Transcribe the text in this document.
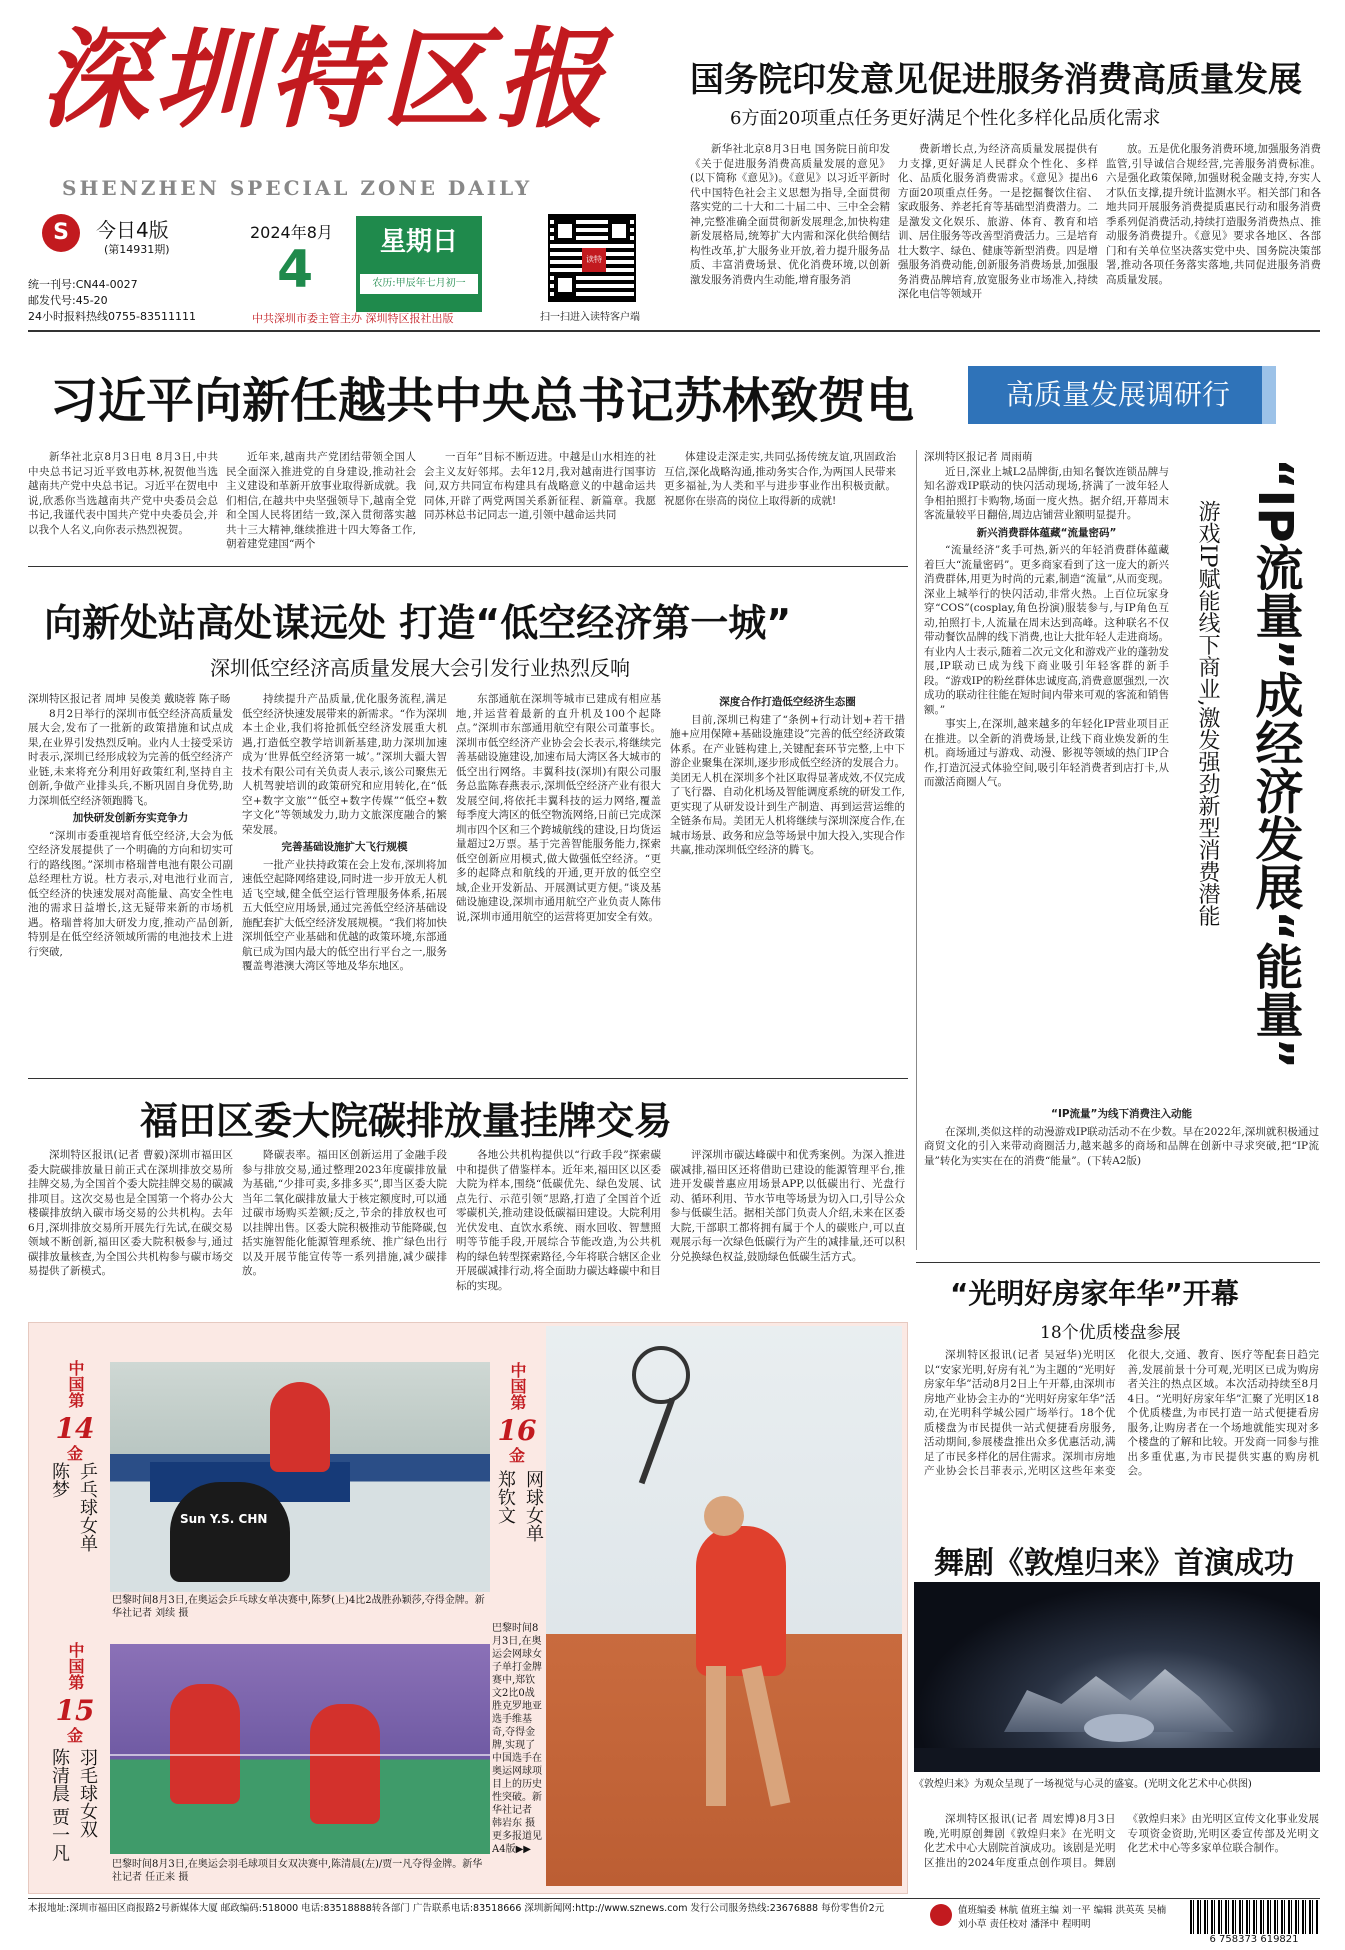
深圳特区报
SHENZHEN SPECIAL ZONE DAILY
S	今日4版
(第14931期)
统一刊号:CN44-0027
邮发代号:45-20
24小时报料热线0755-83511111
2024年8月
4	星期日
农历:甲辰年七月初一
中共深圳市委主管主办 深圳特区报社出版
读特
扫一扫进入读特客户端
国务院印发意见促进服务消费高质量发展
6方面20项重点任务更好满足个性化多样化品质化需求

新华社北京8月3日电 国务院日前印发《关于促进服务消费高质量发展的意见》(以下简称《意见》)。《意见》以习近平新时代中国特色社会主义思想为指导,全面贯彻落实党的二十大和二十届二中、三中全会精神,完整准确全面贯彻新发展理念,加快构建新发展格局,统筹扩大内需和深化供给侧结构性改革,扩大服务业开放,着力提升服务品质、丰富消费场景、优化消费环境,以创新激发服务消费内生动能,增育服务消

费新增长点,为经济高质量发展提供有力支撑,更好满足人民群众个性化、多样化、品质化服务消费需求。《意见》提出6方面20项重点任务。一是挖掘餐饮住宿、家政服务、养老托育等基础型消费潜力。二是激发文化娱乐、旅游、体育、教育和培训、居住服务等改善型消费活力。三是培育壮大数字、绿色、健康等新型消费。四是增强服务消费动能,创新服务消费场景,加强服务消费品牌培育,放宽服务业市场准入,持续深化电信等领域开

放。五是优化服务消费环境,加强服务消费监管,引导诚信合规经营,完善服务消费标准。六是强化政策保障,加强财税金融支持,夯实人才队伍支撑,提升统计监测水平。相关部门和各地共同开展服务消费提质惠民行动和服务消费季系列促消费活动,持续打造服务消费热点、推动服务消费提升。《意见》要求各地区、各部门和有关单位坚决落实党中央、国务院决策部署,推动各项任务落实落地,共同促进服务消费高质量发展。

习近平向新任越共中央总书记苏林致贺电

新华社北京8月3日电 8月3日,中共中央总书记习近平致电苏林,祝贺他当选越南共产党中央总书记。习近平在贺电中说,欣悉你当选越南共产党中央委员会总书记,我谨代表中国共产党中央委员会,并以我个人名义,向你表示热烈祝贺。

近年来,越南共产党团结带领全国人民全面深入推进党的自身建设,推动社会主义建设和革新开放事业取得新成就。我们相信,在越共中央坚强领导下,越南全党和全国人民将团结一致,深入贯彻落实越共十三大精神,继续推进十四大筹备工作,朝着建党建国“两个

一百年”目标不断迈进。中越是山水相连的社会主义友好邻邦。去年12月,我对越南进行国事访问,双方共同宣布构建具有战略意义的中越命运共同体,开辟了两党两国关系新征程、新篇章。我愿同苏林总书记同志一道,引领中越命运共同

体建设走深走实,共同弘扬传统友谊,巩固政治互信,深化战略沟通,推动务实合作,为两国人民带来更多福祉,为人类和平与进步事业作出积极贡献。祝愿你在崇高的岗位上取得新的成就!

高质量发展调研行
向新处站高处谋远处 打造“低空经济第一城”
深圳低空经济高质量发展大会引发行业热烈反响

深圳特区报记者 周坤 吴俊美 戴晓蓉 陈子旸

8月2日举行的深圳市低空经济高质量发展大会,发布了一批新的政策措施和试点成果,在业界引发热烈反响。业内人士接受采访时表示,深圳已经形成较为完善的低空经济产业链,未来将充分利用好政策红利,坚持自主创新,争做产业排头兵,不断巩固自身优势,助力深圳低空经济领跑腾飞。

加快研发创新夯实竞争力

“深圳市委重视培育低空经济,大会为低空经济发展提供了一个明确的方向和切实可行的路线图。”深圳市格瑞普电池有限公司副总经理杜方说。杜方表示,对电池行业而言,低空经济的快速发展对高能量、高安全性电池的需求日益增长,这无疑带来新的市场机遇。格瑞普将加大研发力度,推动产品创新,特别是在低空经济领域所需的电池技术上进行突破,

持续提升产品质量,优化服务流程,满足低空经济快速发展带来的新需求。“作为深圳本土企业,我们将抢抓低空经济发展重大机遇,打造低空教学培训新基建,助力深圳加速成为‘世界低空经济第一城’。”深圳大疆大智技术有限公司有关负责人表示,该公司聚焦无人机驾驶培训的政策研究和应用转化,在“低空+数字文旅”“低空+数字传媒”“低空+数字文化”等领域发力,助力文旅深度融合的繁荣发展。

完善基础设施扩大飞行规模

一批产业扶持政策在会上发布,深圳将加速低空起降网络建设,同时进一步开放无人机适飞空域,健全低空运行管理服务体系,拓展五大低空应用场景,通过完善低空经济基础设施配套扩大低空经济发展规模。“我们将加快深圳低空产业基础和优越的政策环境,东部通航已成为国内最大的低空出行平台之一,服务覆盖粤港澳大湾区等地及华东地区。

东部通航在深圳等城市已建成有相应基地,并运营着最新的直升机及100个起降点。”深圳市东部通用航空有限公司董事长。深圳市低空经济产业协会会长表示,将继续完善基础设施建设,加速布局大湾区各大城市的低空出行网络。丰翼科技(深圳)有限公司服务总监陈春燕表示,深圳低空经济产业有很大发展空间,将依托丰翼科技的运力网络,覆盖每季度大湾区的低空物流网络,日前已完成深圳市四个区和三个跨城航线的建设,日均货运量超过2万票。基于完善智能服务能力,探索低空创新应用模式,做大做强低空经济。“更多的起降点和航线的开通,更开放的低空空域,企业开发新品、开展测试更方便。”谈及基础设施建设,深圳市通用航空产业负责人陈伟说,深圳市通用航空的运营将更加安全有效。

深度合作打造低空经济生态圈

目前,深圳已构建了“条例+行动计划+若干措施+应用保障+基础设施建设”完善的低空经济政策体系。在产业链构建上,关键配套环节完整,上中下游企业聚集在深圳,逐步形成低空经济的发展合力。美团无人机在深圳多个社区取得显著成效,不仅完成了飞行器、自动化机场及智能调度系统的研发工作,更实现了从研发设计到生产制造、再到运营运维的全链条布局。美团无人机将继续与深圳深度合作,在城市场景、政务和应急等场景中加大投入,实现合作共赢,推动深圳低空经济的腾飞。

深圳特区报记者 周雨萌

近日,深业上城L2品牌街,由知名餐饮连锁品牌与知名游戏IP联动的快闪活动现场,挤满了一波年轻人争相拍照打卡购物,场面一度火热。据介绍,开幕周末客流量较平日翻倍,周边店铺营业额明显提升。

新兴消费群体蕴藏“流量密码”

“流量经济”炙手可热,新兴的年轻消费群体蕴藏着巨大“流量密码”。更多商家看到了这一庞大的新兴消费群体,用更为时尚的元素,制造“流量”,从而变现。深业上城举行的快闪活动,非常火热。上百位玩家身穿“COS”(cosplay,角色扮演)服装参与,与IP角色互动,拍照打卡,人流量在周末达到高峰。这种联名不仅带动餐饮品牌的线下消费,也让大批年轻人走进商场。有业内人士表示,随着二次元文化和游戏产业的蓬勃发展,IP联动已成为线下商业吸引年轻客群的新手段。“游戏IP的粉丝群体忠诚度高,消费意愿强烈,一次成功的联动往往能在短时间内带来可观的客流和销售额。”

事实上,在深圳,越来越多的年轻化IP营业项目正在推进。以全新的消费场景,让线下商业焕发新的生机。商场通过与游戏、动漫、影视等领域的热门IP合作,打造沉浸式体验空间,吸引年轻消费者到店打卡,从而激活商圈人气。	“IP流量”成经济发展“能量”
游戏IP赋能线下商业,激发强劲新型消费潜能

“IP流量”为线下消费注入动能

在深圳,类似这样的动漫游戏IP联动活动不在少数。早在2022年,深圳就积极通过商贸文化的引入来带动商圈活力,越来越多的商场和品牌在创新中寻求突破,把“IP流量”转化为实实在在的消费“能量”。(下转A2版)

福田区委大院碳排放量挂牌交易

深圳特区报讯(记者 曹毅)深圳市福田区委大院碳排放量日前正式在深圳排放交易所挂牌交易,为全国首个委大院挂牌交易的碳减排项目。这次交易也是全国第一个将办公大楼碳排放纳入碳市场交易的公共机构。去年6月,深圳排放交易所开展先行先试,在碳交易领域不断创新,福田区委大院积极参与,通过碳排放量核查,为全国公共机构参与碳市场交易提供了新模式。

降碳表率。福田区创新运用了金融手段参与排放交易,通过整理2023年度碳排放量为基础,“少排可卖,多排多买”,即当区委大院当年二氧化碳排放量大于核定额度时,可以通过碳市场购买差额;反之,节余的排放权也可以挂牌出售。区委大院积极推动节能降碳,包括实施智能化能源管理系统、推广绿色出行以及开展节能宣传等一系列措施,减少碳排放。

各地公共机构提供以“行政手段”探索碳中和提供了借鉴样本。近年来,福田区以区委大院为样本,围绕“低碳优先、绿色发展、试点先行、示范引领”思路,打造了全国首个近零碳机关,推动建设低碳福田建设。大院利用光伏发电、直饮水系统、雨水回收、智慧照明等节能手段,开展综合节能改造,为公共机构的绿色转型探索路径,今年将联合辖区企业开展碳减排行动,将全面助力碳达峰碳中和目标的实现。

评深圳市碳达峰碳中和优秀案例。为深入推进碳减排,福田区还将借助已建设的能源管理平台,推进开发碳普惠应用场景APP,以低碳出行、光盘行动、循环利用、节水节电等场景为切入口,引导公众参与低碳生活。据相关部门负责人介绍,未来在区委大院,干部职工都将拥有属于个人的碳账户,可以直观展示每一次绿色低碳行为产生的减排量,还可以积分兑换绿色权益,鼓励绿色低碳生活方式。

“光明好房家年华”开幕
18个优质楼盘参展

深圳特区报讯(记者 吴冠华)光明区以“安家光明,好房有礼”为主题的“光明好房家年华”活动8月2日上午开幕,由深圳市房地产业协会主办的“光明好房家年华”活动,在光明科学城公园广场举行。18个优质楼盘为市民提供一站式便捷看房服务,活动期间,参展楼盘推出众多优惠活动,满足了市民多样化的居住需求。深圳市房地产业协会长吕菲表示,光明区这些年来变化很大,交通、教育、医疗等配套日趋完善,发展前景十分可观,光明区已成为购房者关注的热点区域。本次活动持续至8月4日。“光明好房家年华”汇聚了光明区18个优质楼盘,为市民打造一站式便捷看房服务,让购房者在一个场地就能实现对多个楼盘的了解和比较。开发商一同参与推出多重优惠,为市民提供实惠的购房机会。

舞剧《敦煌归来》首演成功
《敦煌归来》为观众呈现了一场视觉与心灵的盛宴。(光明文化艺术中心供图)

深圳特区报讯(记者 周宏博)8月3日晚,光明原创舞剧《敦煌归来》在光明文化艺术中心大剧院首演成功。该剧是光明区推出的2024年度重点创作项目。舞剧《敦煌归来》由光明区宣传文化事业发展专项资金资助,光明区委宣传部及光明文化艺术中心等多家单位联合制作。

中国第
14
金
陈梦 乒乓球女单	Sun Y.S. CHN
巴黎时间8月3日,在奥运会乒乓球女单决赛中,陈梦(上)4比2战胜孙颖莎,夺得金牌。新华社记者 刘续 摄
中国第
15
金
陈清晨 贾一凡 羽毛球女双
巴黎时间8月3日,在奥运会羽毛球项目女双决赛中,陈清晨(左)/贾一凡夺得金牌。新华社记者 任正来 摄
中国第
16
金
郑钦文 网球女单
巴黎时间8月3日,在奥运会网球女子单打金牌赛中,郑钦文2比0战胜克罗地亚选手维基奇,夺得金牌,实现了中国选手在奥运网球项目上的历史性突破。新华社记者 韩岩东 摄 更多报道见A4版▶▶
本报地址:深圳市福田区商报路2号新媒体大厦 邮政编码:518000 电话:83518888转各部门 广告联系电话:83518666 深圳新闻网:http://www.sznews.com 发行公司服务热线:23676888 每份零售价2元	值班编委 林航 值班主编 刘一平 编辑 洪英英 吴楠 刘小草 责任校对 潘泽中 程明明
6 758373 619821
